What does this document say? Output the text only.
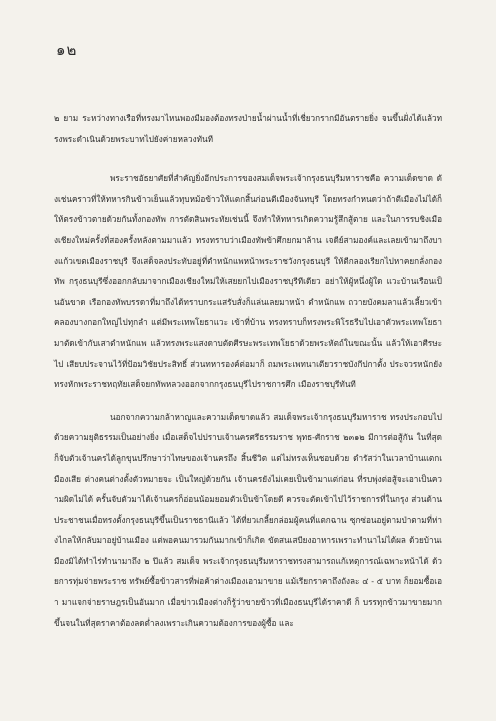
๑๒

๒ ยาม ระหว่างทางเรือที่ทรงมาไหนพองมีมองต้องทรงป่ายน้ำผ่านน้ำที่เชี่ยวกรากมีอันตรายยิ่ง จนขึ้นฝั่งได้แล้วทรงพระดำเนินด้วยพระบาทไปยังค่ายหลวงทันที

พระราชอัธยาศัยที่สำคัญยิ่งอีกประการของสมเด็จพระเจ้ากรุงธนบุรีมหาราชคือ ความเด็ดขาด ดังเช่นคราวที่ให้ทหารกินข้าวเย็นแล้วทุบหม้อข้าวให้แตกสิ้นก่อนตีเมืองจันทบุรี โดยทรงกำหนดว่าถ้าตีเมืองไม่ได้ก็ให้ตรงข้าวตายด้วยกันทั้งกองทัพ การตัดสินพระทัยเช่นนี้ จึงทำให้ทหารเกิดความรู้สึกสู้ตาย และในการรบชิงเมืองเชียงใหม่ครั้งที่สองครั้งหลังตามมาแล้ว ทรงทราบว่าเมืองทัพข้าศึกยกมาล้าน เจดีย์สามองค์และเลยเข้ามาถึงบางแก้วเขตเมืองราชบุรี จึงเสด็จลงประทับอยู่ที่ตำหนักแพหน้าพระราชวังกรุงธนบุรี ให้ตีกลองเรียกไปหาคยกลั่งกองทัพ กรุงธนบุรีซึ่งออกกลับมาจากเมืองเชียงใหม่ให้เสยยกไปเมืองราชบุรีทีเดียว อย่าให้ผู้หนึ่งผู้ใด แวะบ้านเรือนเป็นอันขาด เรือกองทัพบรรดาที่มาถึงได้ทราบกระแสรับสั่งก็แล่นเลยมาหน้า ตำหนักแพ ถวายบังคมลาแล้วเลี้ยวเข้าคลองบางกอกใหญ่ไปทุกลำ แต่มีพระเทพโยธาแวะ เข้าที่บ้าน ทรงทราบก็ทรงพระพิโรธรีบไปเอาตัวพระเทพโยธามาตัดเข้ากับเสาตำหนักแพ แล้วทรงพระแสงดาบตัดศีรษะพระเทพโยธาด้วยพระหัตถ์ในขณะนั้น แล้วให้เอาศีรษะไป เสียบประจานไว้ที่ป้อมวิชัยประสิทธิ์ ส่วนทหารองค์ต่อมาก็ ถมพระเพทนาเตียวราชบังกีปกาตั้ง ประจวรหนักยังทรงหักพระราชหฤทัยเสด็จยกทัพหลวงออกจากกรุงธนบุรีไปราชการศึก เมืองราชบุรีทันที

นอกจากความกล้าหาญและความเด็ดขาดแล้ว สมเด็จพระเจ้ากรุงธนบุรีมหาราช ทรงประกอบไปด้วยความยุติธรรมเป็นอย่างยิ่ง เมื่อเสด็จไปปราบเจ้านครศรีธรรมราช พุทธ-ศักราช ๒๓๑๒ มีการต่อสู้กัน ในที่สุดก็จับตัวเจ้านครได้ลูกขุนปรึกษาว่าไทษของเจ้านครถึง สิ้นชีวิต แต่ไม่ทรงเห็นชอบด้วย ดำรัสว่าในเวลาบ้านแตกเมืองเสีย ต่างคนต่างตั้งตัวหมายจะ เป็นใหญ่ด้วยกัน เจ้านครยังไม่เคยเป็นข้ามาแต่ก่อน ที่รบพุ่งต่อสู้จะเอาเป็นความผิดไม่ได้ ครั้นจับตัวมาได้เจ้านครก็อ่อนน้อมยอมตัวเป็นข้าโดยดี ควรจะตัดเข้าไปไว้ราชการที่ในกรุง ส่วนด้านประชาชนเมื่อทรงตั้งกรุงธนบุรีขึ้นเป็นราชธานีแล้ว ได้ที่ยวเกลี้ยกล่อมผู้คนที่แตกฉาน ซุกซ่อนอยู่ตามป่าตามที่ห่างไกลให้กลับมาอยู่บ้านเมือง แต่พอคนมารวมกันมากเข้าก็เกิด ขัดสนเสบียงอาหารเพราะทำนาไม่ได้ผล ด้วยบ้านเมืองมิได้ทำไร่ทำนามาถึง ๒ ปีแล้ว สมเด็จ พระเจ้ากรุงธนบุรีมหาราชทรงสามารถแก้เหตุการณ์เฉพาะหน้าได้ ด้วยการทุ่มจ่ายพระราช ทรัพย์ซื้อข้าวสารที่พ่อค้าต่างเมืองเอามาขาย แม้เรียกราคาถึงถังละ ๔ - ๕ บาท ก็ยอมซื้อเอา มาแจกจ่ายราษฎรเป็นอันมาก เมื่อข่าวเมืองต่างก็รู้ว่าขายข้าวที่เมืองธนบุรีได้ราคาดี ก็ บรรทุกข้าวมาขายมากขึ้นจนในที่สุดราคาต้องลดต่ำลงเพราะเกินความต้องการของผู้ซื้อ และ
